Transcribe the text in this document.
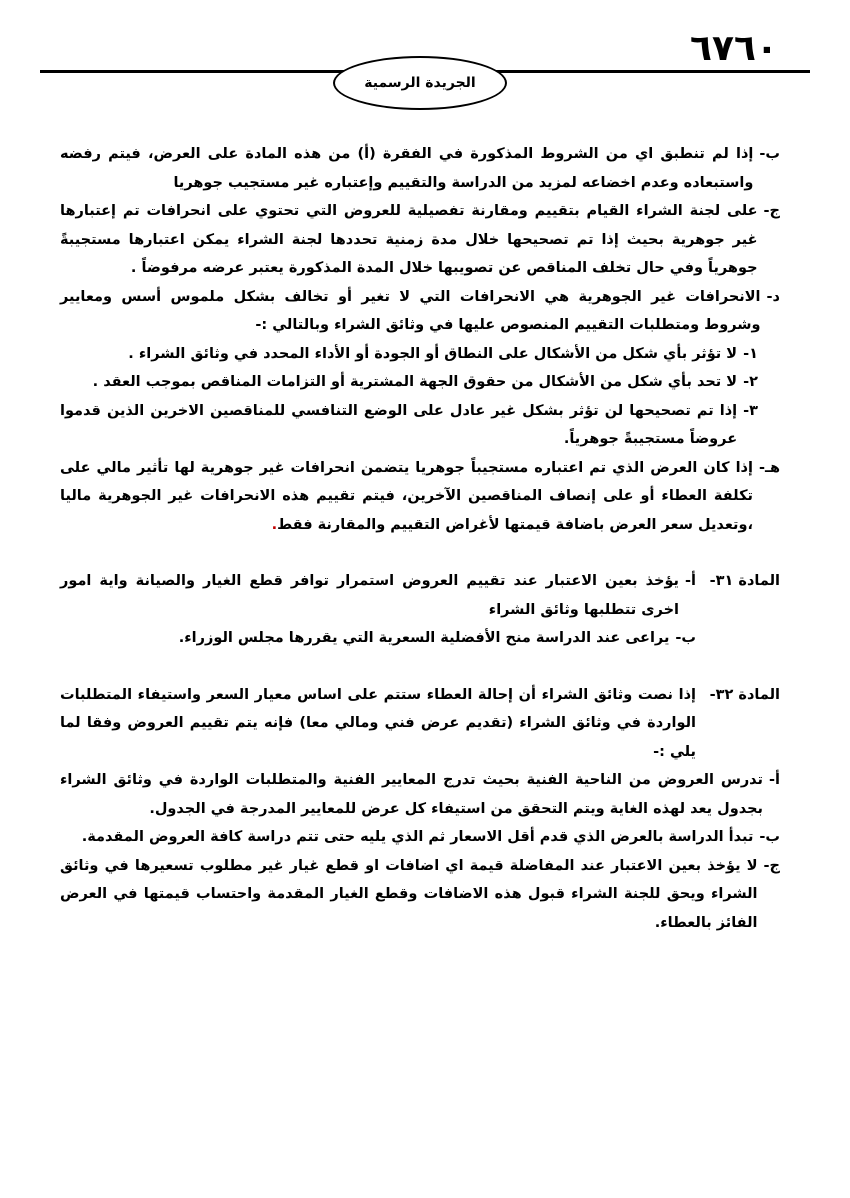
٦٧٦٠
الجريدة الرسمية
ب-
إذا لم تنطبق اي من الشروط المذكورة في الفقرة (أ) من هذه المادة على العرض، فيتم رفضه واستبعاده وعدم اخضاعه لمزيد من الدراسة والتقييم وإعتباره غير مستجيب جوهريا
ج-
على لجنة الشراء القيام بتقييم ومقارنة تفصيلية للعروض التي تحتوي على انحرافات تم إعتبارها غير جوهرية بحيث إذا تم تصحيحها خلال مدة زمنية تحددها لجنة الشراء يمكن اعتبارها مستجيبةً جوهرياً وفي حال تخلف المناقص عن تصويبها خلال المدة المذكورة يعتبر عرضه مرفوضاً .
د-
الانحرافات غير الجوهرية هي الانحرافات التي لا تغير أو تخالف بشكل ملموس أسس ومعايير وشروط ومتطلبات التقييم المنصوص عليها في وثائق الشراء وبالتالي :-
١-
لا تؤثر بأي شكل من الأشكال على النطاق أو الجودة أو الأداء المحدد في وثائق الشراء .
٢-
لا تحد بأي شكل من الأشكال من حقوق الجهة المشترية أو التزامات المناقص بموجب العقد .
٣-
إذا تم تصحيحها لن تؤثر بشكل غير عادل على الوضع التنافسي للمناقصين الاخرين الذين قدموا عروضاً مستجيبةً جوهرياً.
هـ-
إذا كان العرض الذي تم اعتباره مستجيباً جوهريا يتضمن انحرافات غير جوهرية لها تأثير مالي على تكلفة العطاء أو على إنصاف المناقصين الآخرين، فيتم تقييم هذه الانحرافات غير الجوهرية ماليا ،وتعديل سعر العرض باضافة قيمتها لأغراض التقييم والمقارنة فقط.
المادة ٣١-
أ-
يؤخذ بعين الاعتبار عند تقييم العروض استمرار توافر قطع الغيار والصيانة واية امور اخرى تتطلبها وثائق الشراء
ب-
يراعى عند الدراسة منح الأفضلية السعرية التي يقررها مجلس الوزراء.
المادة ٣٢-

إذا نصت وثائق الشراء أن إحالة العطاء ستتم على اساس معيار السعر واستيفاء المتطلبات الواردة في وثائق الشراء (تقديم عرض فني ومالي معا) فإنه يتم تقييم العروض وفقا لما يلي :-

أ-
تدرس العروض من الناحية الفنية بحيث تدرج المعايير الفنية والمتطلبات الواردة في وثائق الشراء بجدول يعد لهذه الغاية ويتم التحقق من استيفاء كل عرض للمعايير المدرجة في الجدول.
ب-
تبدأ الدراسة بالعرض الذي قدم أقل الاسعار ثم الذي يليه حتى تتم دراسة كافة العروض المقدمة.
ج-
لا يؤخذ بعين الاعتبار عند المفاضلة قيمة اي اضافات او قطع غيار غير مطلوب تسعيرها في وثائق الشراء ويحق للجنة الشراء قبول هذه الاضافات وقطع الغيار المقدمة واحتساب قيمتها في العرض الفائز بالعطاء.
